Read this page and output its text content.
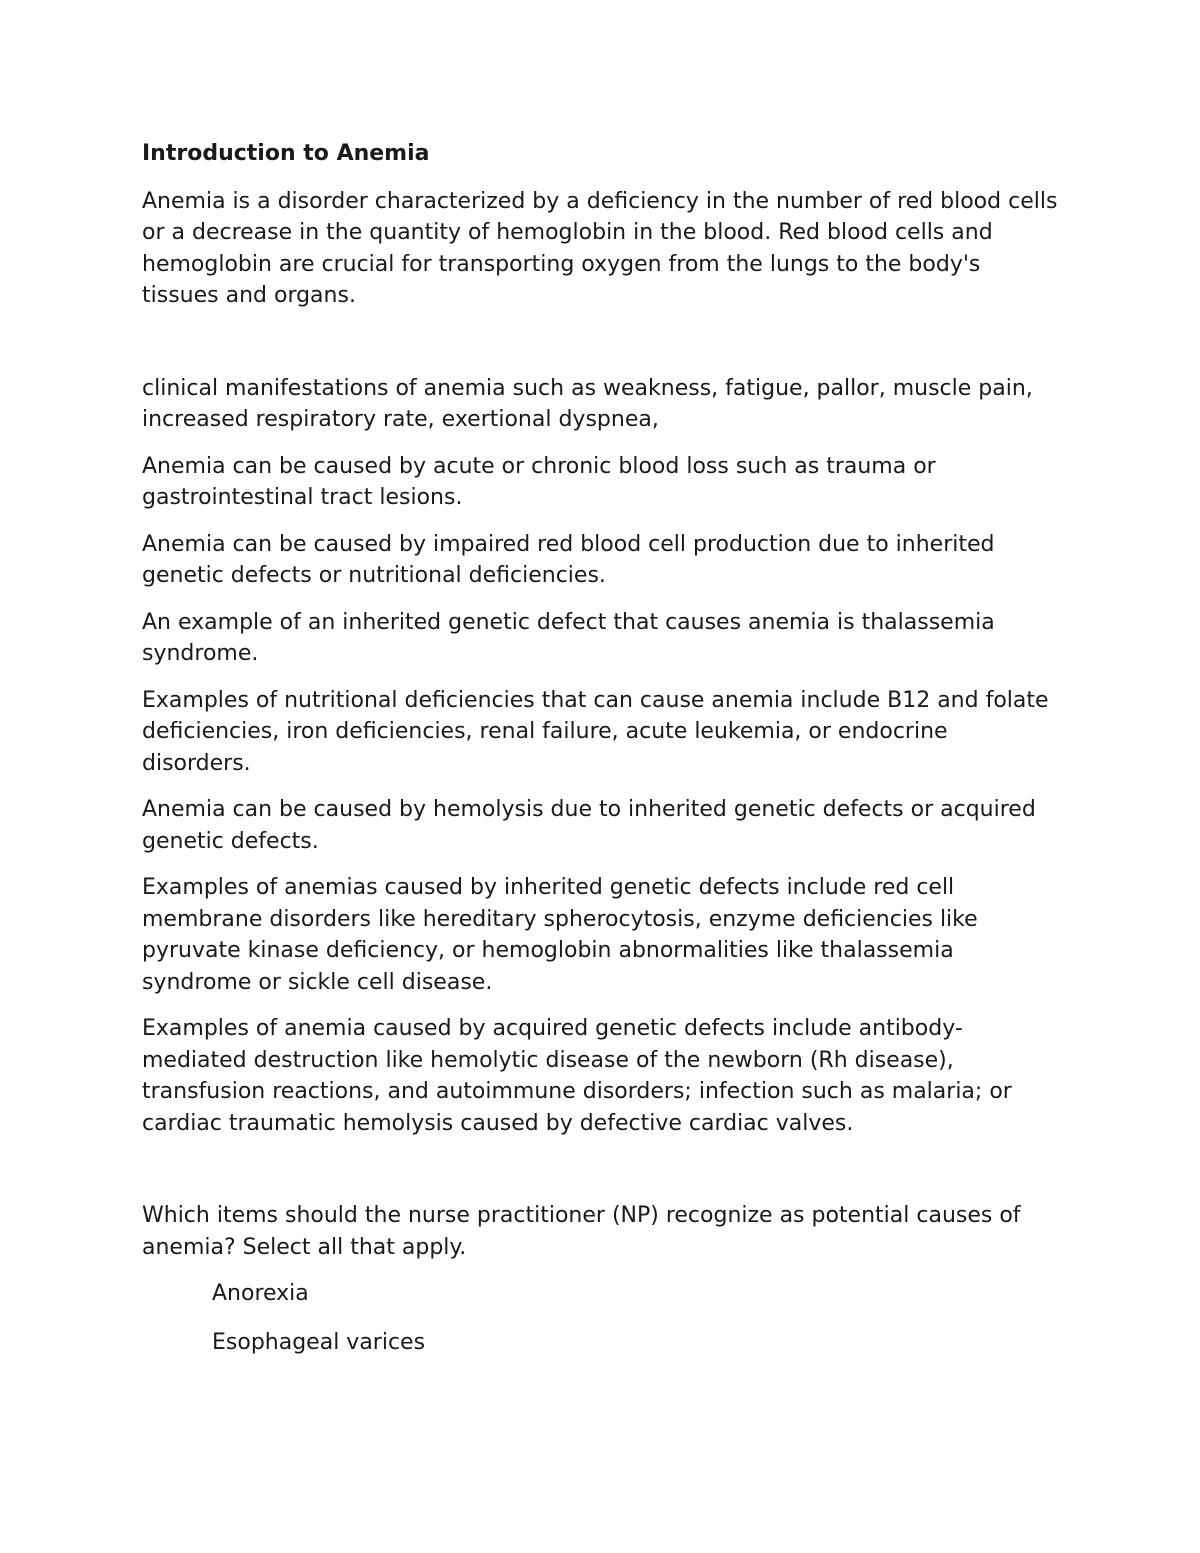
Introduction to Anemia

Anemia is a disorder characterized by a deficiency in the number of red blood cells or a decrease in the quantity of hemoglobin in the blood. Red blood cells and hemoglobin are crucial for transporting oxygen from the lungs to the body's tissues and organs.

clinical manifestations of anemia such as weakness, fatigue, pallor, muscle pain, increased respiratory rate, exertional dyspnea,

Anemia can be caused by acute or chronic blood loss such as trauma or gastrointestinal tract lesions.

Anemia can be caused by impaired red blood cell production due to inherited genetic defects or nutritional deficiencies.

An example of an inherited genetic defect that causes anemia is thalassemia syndrome.

Examples of nutritional deficiencies that can cause anemia include B12 and folate deficiencies, iron deficiencies, renal failure, acute leukemia, or endocrine disorders.

Anemia can be caused by hemolysis due to inherited genetic defects or acquired genetic defects.

Examples of anemias caused by inherited genetic defects include red cell membrane disorders like hereditary spherocytosis, enzyme deficiencies like pyruvate kinase deficiency, or hemoglobin abnormalities like thalassemia syndrome or sickle cell disease.

Examples of anemia caused by acquired genetic defects include antibody-mediated destruction like hemolytic disease of the newborn (Rh disease), transfusion reactions, and autoimmune disorders; infection such as malaria; or cardiac traumatic hemolysis caused by defective cardiac valves.

Which items should the nurse practitioner (NP) recognize as potential causes of anemia? Select all that apply.

Anorexia
Esophageal varices
